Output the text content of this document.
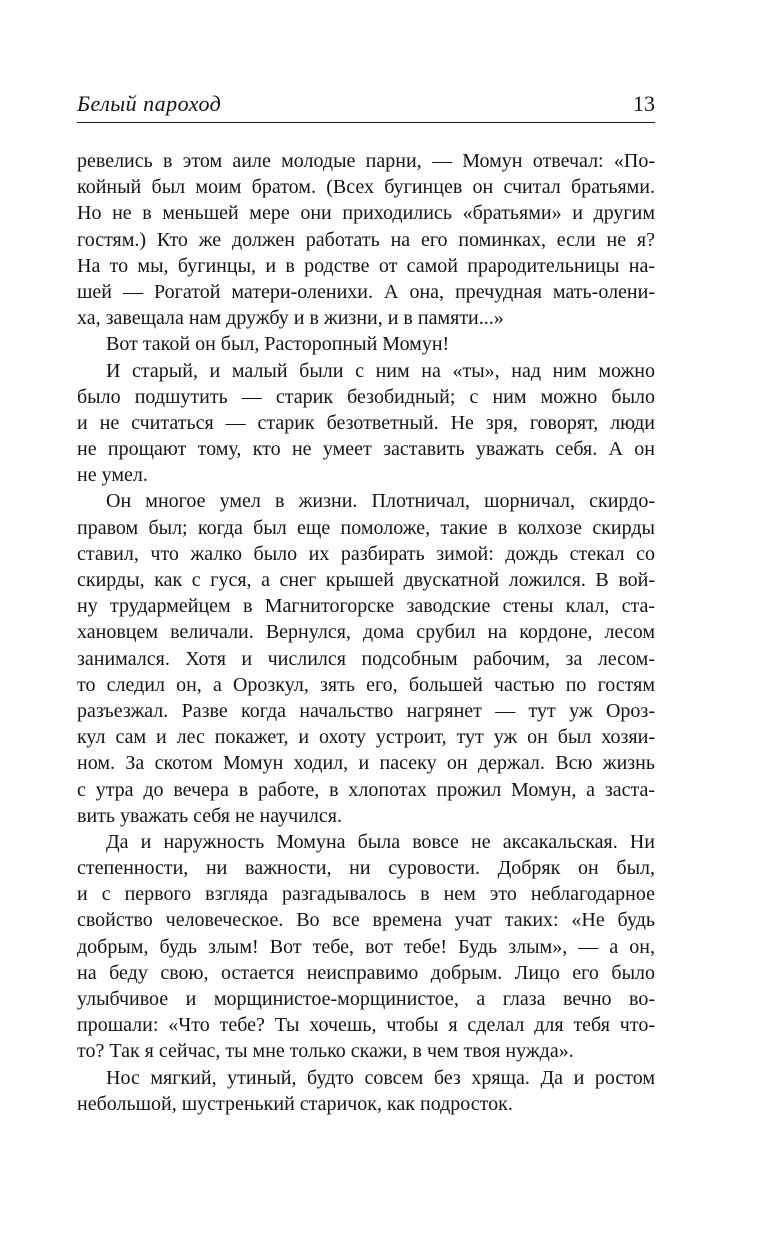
Белый пароход	13
ревелись в этом аиле молодые парни, — Момун отвечал: «По-
койный был моим братом. (Всех бугинцев он считал братьями.
Но не в меньшей мере они приходились «братьями» и другим
гостям.) Кто же должен работать на его поминках, если не я?
На то мы, бугинцы, и в родстве от самой прародительницы на-
шей — Рогатой матери-оленихи. А она, пречудная мать-олени-
ха, завещала нам дружбу и в жизни, и в памяти...»
Вот такой он был, Расторопный Момун!
И старый, и малый были с ним на «ты», над ним можно
было подшутить — старик безобидный; с ним можно было
и не считаться — старик безответный. Не зря, говорят, люди
не прощают тому, кто не умеет заставить уважать себя. А он
не умел.
Он многое умел в жизни. Плотничал, шорничал, скирдо-
правом был; когда был еще помоложе, такие в колхозе скирды
ставил, что жалко было их разбирать зимой: дождь стекал со
скирды, как с гуся, а снег крышей двускатной ложился. В вой-
ну трудармейцем в Магнитогорске заводские стены клал, ста-
хановцем величали. Вернулся, дома срубил на кордоне, лесом
занимался. Хотя и числился подсобным рабочим, за лесом-
то следил он, а Орозкул, зять его, большей частью по гостям
разъезжал. Разве когда начальство нагрянет — тут уж Ороз-
кул сам и лес покажет, и охоту устроит, тут уж он был хозяи-
ном. За скотом Момун ходил, и пасеку он держал. Всю жизнь
с утра до вечера в работе, в хлопотах прожил Момун, а заста-
вить уважать себя не научился.
Да и наружность Момуна была вовсе не аксакальская. Ни
степенности, ни важности, ни суровости. Добряк он был,
и с первого взгляда разгадывалось в нем это неблагодарное
свойство человеческое. Во все времена учат таких: «Не будь
добрым, будь злым! Вот тебе, вот тебе! Будь злым», — а он,
на беду свою, остается неисправимо добрым. Лицо его было
улыбчивое и морщинистое-морщинистое, а глаза вечно во-
прошали: «Что тебе? Ты хочешь, чтобы я сделал для тебя что-
то? Так я сейчас, ты мне только скажи, в чем твоя нужда».
Нос мягкий, утиный, будто совсем без хряща. Да и ростом
небольшой, шустренький старичок, как подросток.
